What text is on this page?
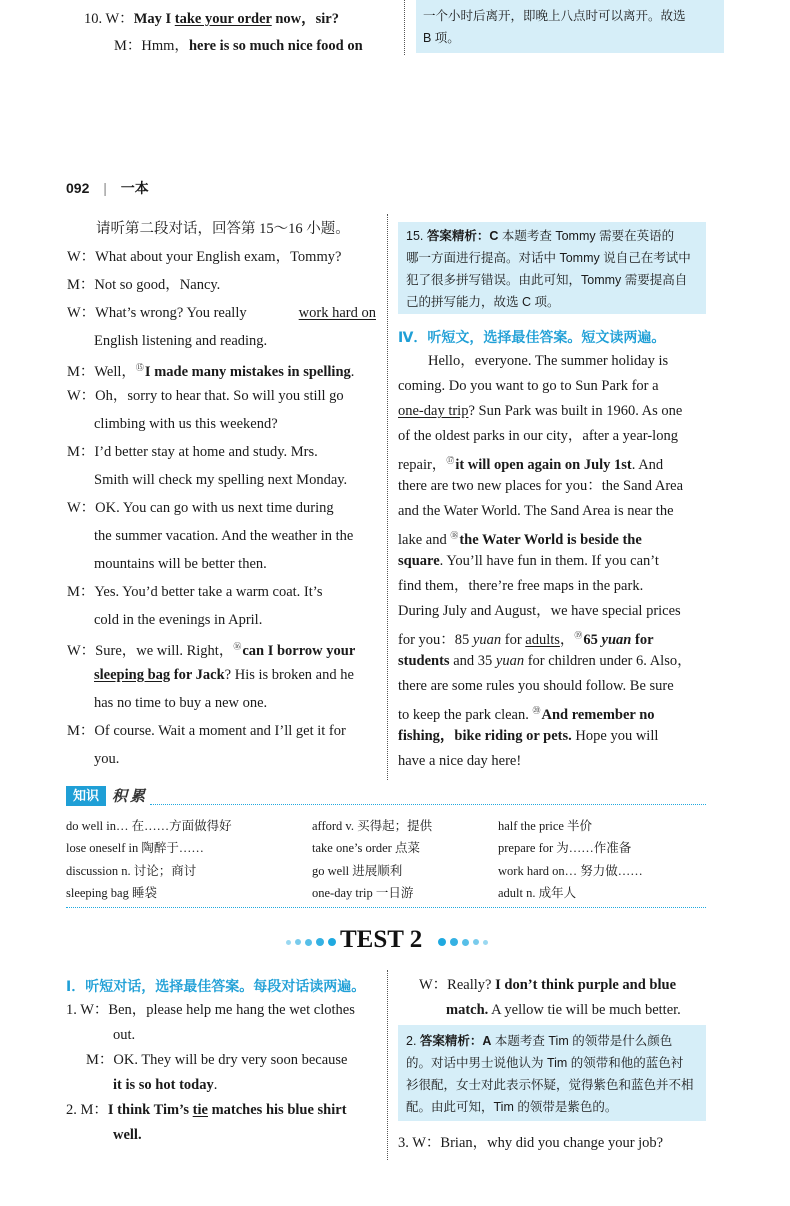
10. W：May I take your order now，sir?
M：Hmm，here is so much nice food on
一个小时后离开，即晚上八点时可以离开。故选
B 项。
092 | 一本
请听第二段对话，回答第 15～16 小题。
W：What about your English exam，Tommy?
M：Not so good，Nancy.
W：What’s wrong? You really	work hard on
English listening and reading.
M：Well，⑮I made many mistakes in spelling.
W：Oh，sorry to hear that. So will you still go
climbing with us this weekend?
M：I’d better stay at home and study. Mrs.
Smith will check my spelling next Monday.
W：OK. You can go with us next time during
the summer vacation. And the weather in the
mountains will be better then.
M：Yes. You’d better take a warm coat. It’s
cold in the evenings in April.
W：Sure，we will. Right，⑯can I borrow your
sleeping bag for Jack? His is broken and he
has no time to buy a new one.
M：Of course. Wait a moment and I’ll get it for
you.
15. 答案精析：C 本题考查 Tommy 需要在英语的
哪一方面进行提高。对话中 Tommy 说自己在考试中
犯了很多拼写错误。由此可知，Tommy 需要提高自
己的拼写能力，故选 C 项。
Ⅳ．听短文，选择最佳答案。短文读两遍。
Hello，everyone. The summer holiday is
coming. Do you want to go to Sun Park for a
one-day trip? Sun Park was built in 1960. As one
of the oldest parks in our city，after a year-long
repair，⑰it will open again on July 1st. And
there are two new places for you：the Sand Area
and the Water World. The Sand Area is near the
lake and ⑱the Water World is beside the
square. You’ll have fun in them. If you can’t
find them，there’re free maps in the park.
During July and August，we have special prices
for you：85 yuan for adults，⑲65 yuan for
students and 35 yuan for children under 6. Also，
there are some rules you should follow. Be sure
to keep the park clean. ⑳And remember no
fishing，bike riding or pets. Hope you will
have a nice day here!
知识 积累
do well in… 在……方面做得好
lose oneself in 陶醉于……
discussion n. 讨论；商讨
sleeping bag 睡袋
afford v. 买得起；提供
take one’s order 点菜
go well 进展顺利
one-day trip 一日游
half the price 半价
prepare for 为……作准备
work hard on… 努力做……
adult n. 成年人
TEST 2
Ⅰ．听短对话，选择最佳答案。每段对话读两遍。
1. W：Ben，please help me hang the wet clothes
out.
M：OK. They will be dry very soon because
it is so hot today.
2. M：I think Tim’s tie matches his blue shirt
well.
W：Really? I don’t think purple and blue
match. A yellow tie will be much better.
2. 答案精析：A 本题考查 Tim 的领带是什么颜色
的。对话中男士说他认为 Tim 的领带和他的蓝色衬
衫很配，女士对此表示怀疑，觉得紫色和蓝色并不相
配。由此可知，Tim 的领带是紫色的。
3. W：Brian，why did you change your job?
